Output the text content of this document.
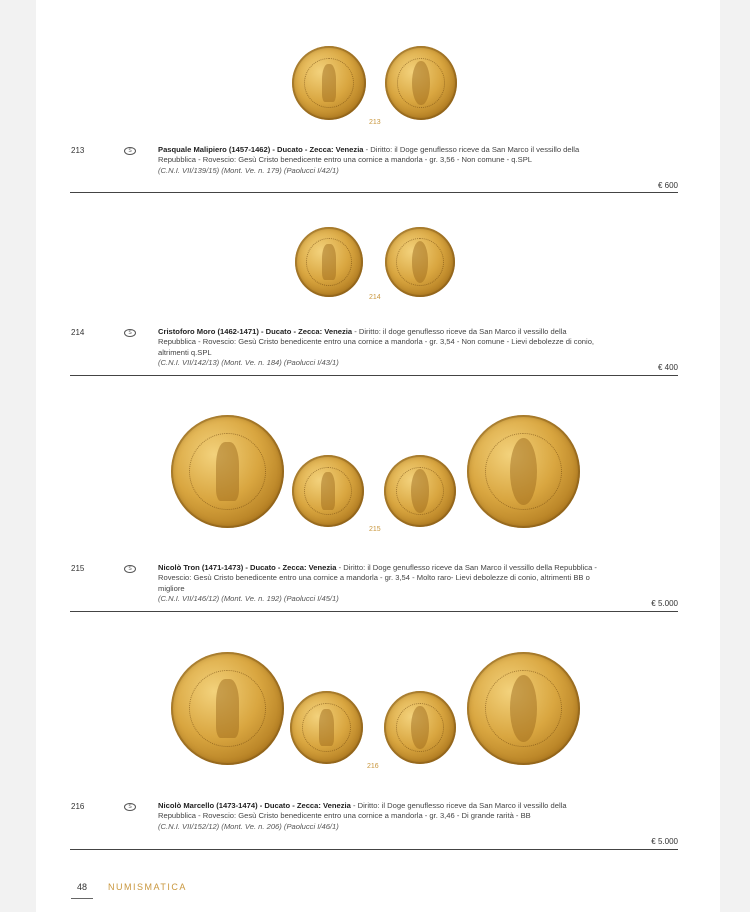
213
213	S	Pasquale Malipiero (1457-1462) - Ducato - Zecca: Venezia - Diritto: il Doge genuflesso riceve da San Marco il vessillo della Repubblica - Rovescio: Gesù Cristo benedicente entro una cornice a mandorla - gr. 3,56 - Non comune - q.SPL
(C.N.I. VII/139/15) (Mont. Ve. n. 179) (Paolucci I/42/1)
€ 600
214
214	S	Cristoforo Moro (1462-1471) - Ducato - Zecca: Venezia - Diritto: il doge genuflesso riceve da San Marco il vessillo della Repubblica - Rovescio: Gesù Cristo benedicente entro una cornice a mandorla - gr. 3,54 - Non comune - Lievi debolezze di conio, altrimenti q.SPL
(C.N.I. VII/142/13) (Mont. Ve. n. 184) (Paolucci I/43/1)
€ 400
215
215	S	Nicolò Tron (1471-1473) - Ducato - Zecca: Venezia - Diritto: il Doge genuflesso riceve da San Marco il vessillo della Repubblica - Rovescio: Gesù Cristo benedicente entro una cornice a mandorla - gr. 3,54 - Molto raro- Lievi debolezze di conio, altrimenti BB o migliore
(C.N.I. VII/146/12) (Mont. Ve. n. 192) (Paolucci I/45/1)
€ 5.000
216
216	S	Nicolò Marcello (1473-1474) - Ducato - Zecca: Venezia - Diritto: il Doge genuflesso riceve da San Marco il vessillo della Repubblica - Rovescio: Gesù Cristo benedicente entro una cornice a mandorla - gr. 3,46 - Di grande rarità - BB
(C.N.I. VII/152/12) (Mont. Ve. n. 206) (Paolucci I/46/1)
€ 5.000
48 NUMISMATICA
